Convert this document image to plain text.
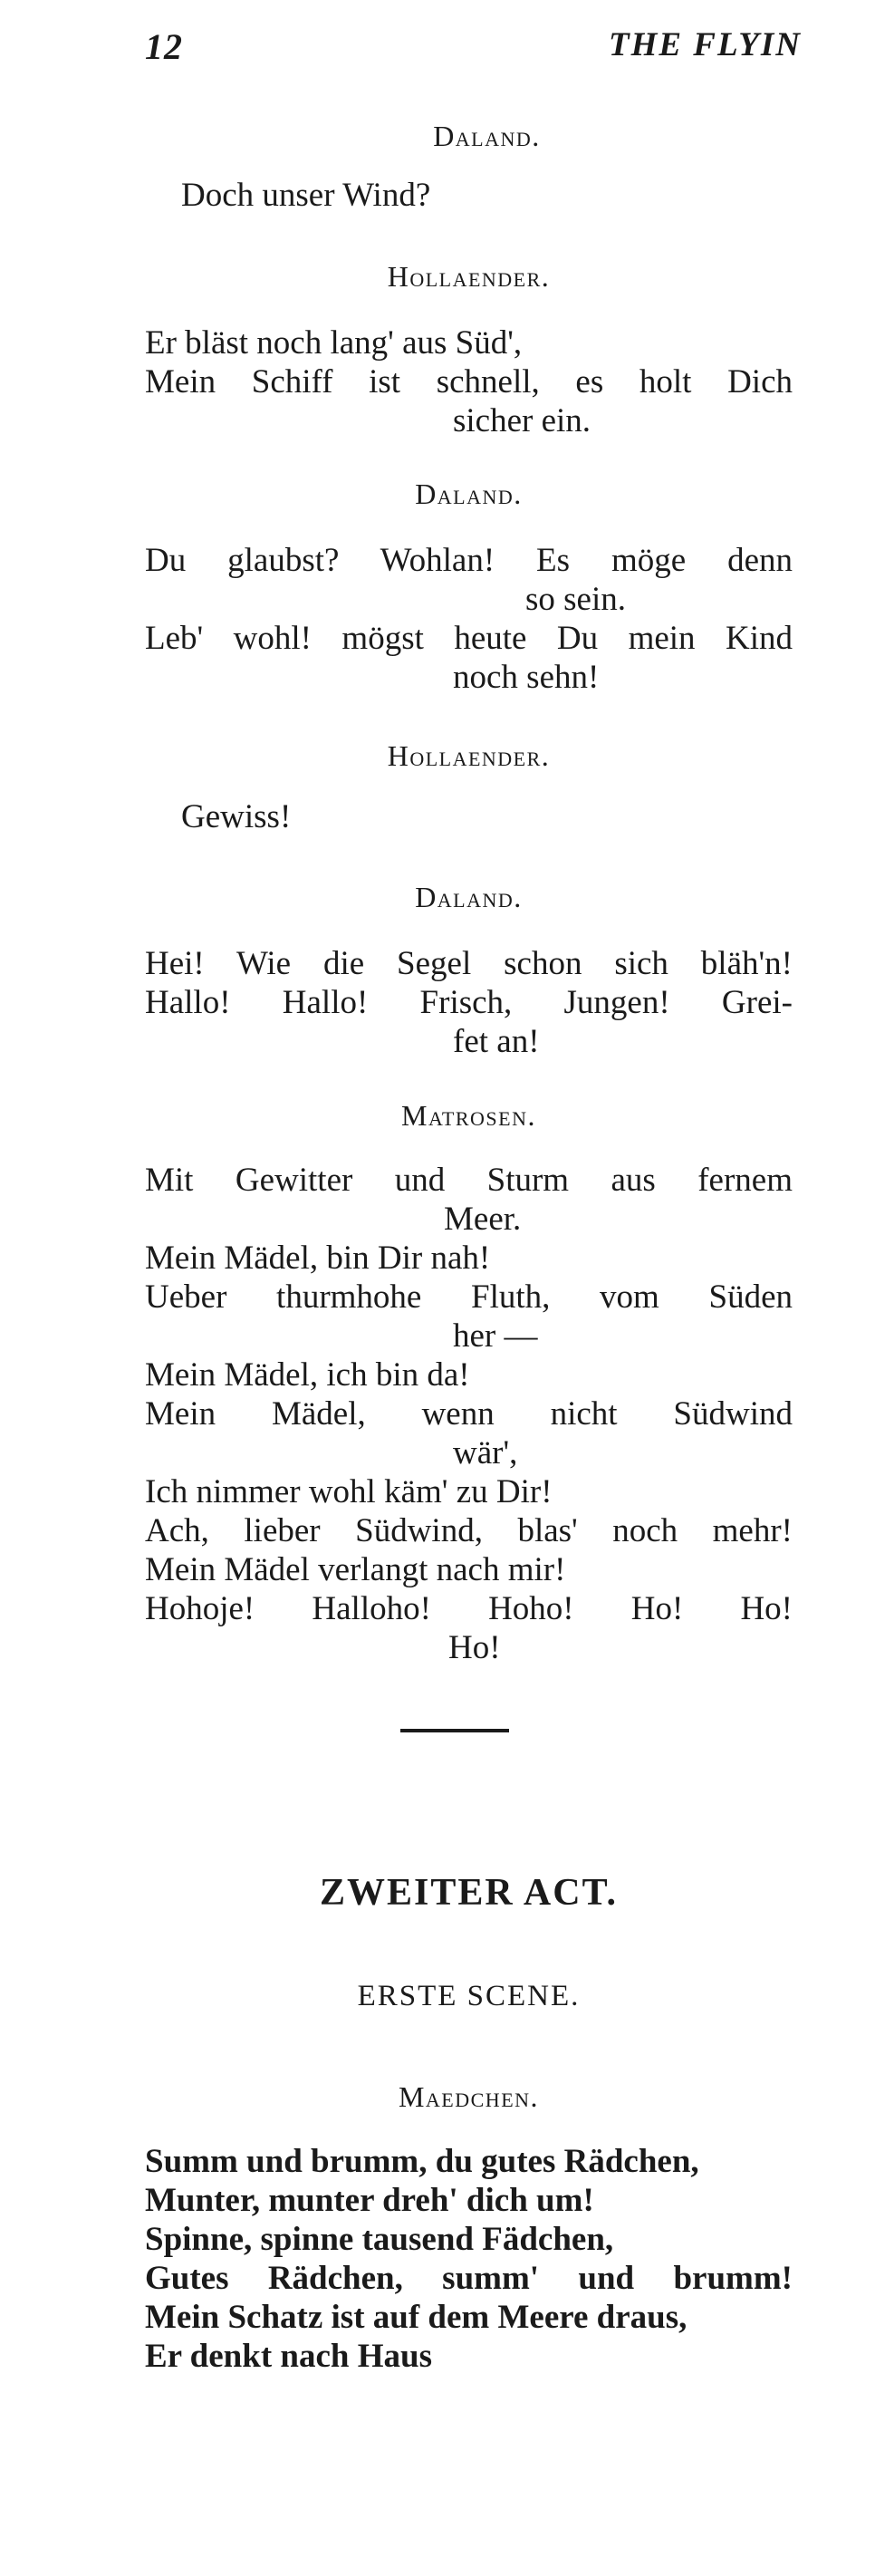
12	THE FLYIN
Daland.
Doch unser Wind?
Hollaender.
Er bläst noch lang' aus Süd',
Mein Schiff ist schnell, es holt Dich
sicher ein.
Daland.
Du glaubst? Wohlan! Es möge denn
so sein.
Leb' wohl! mögst heute Du mein Kind
noch sehn!
Hollaender.
Gewiss!
Daland.
Hei! Wie die Segel schon sich bläh'n!
Hallo! Hallo! Frisch, Jungen! Grei-
fet an!
Matrosen.
Mit Gewitter und Sturm aus fernem
Meer.
Mein Mädel, bin Dir nah!
Ueber thurmhohe Fluth, vom Süden
her —
Mein Mädel, ich bin da!
Mein Mädel, wenn nicht Südwind
wär',
Ich nimmer wohl käm' zu Dir!
Ach, lieber Südwind, blas' noch mehr!
Mein Mädel verlangt nach mir!
Hohoje! Halloho! Hoho! Ho! Ho!
Ho!
ZWEITER ACT.
ERSTE SCENE.
Maedchen.
Summ und brumm, du gutes Rädchen,
Munter, munter dreh' dich um!
Spinne, spinne tausend Fädchen,
Gutes Rädchen, summ' und brumm!
Mein Schatz ist auf dem Meere draus,
Er denkt nach Haus
